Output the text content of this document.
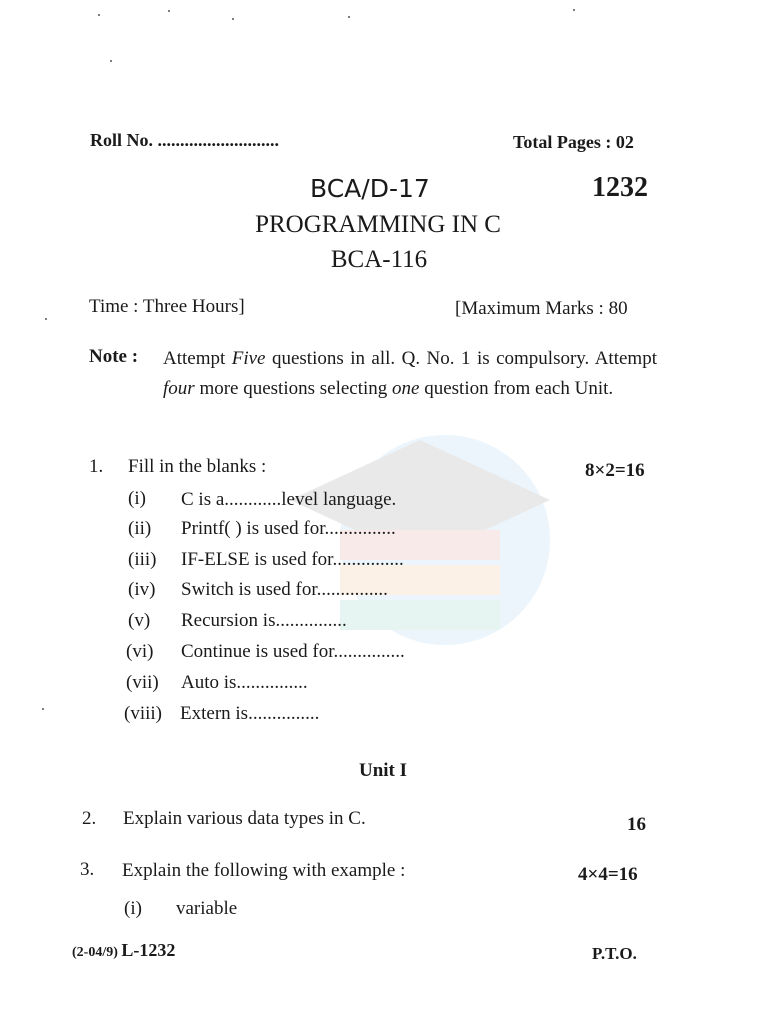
Roll No. ...........................	Total Pages : 02
BCA/D-17	1232
PROGRAMMING IN C
BCA-116
Time : Three Hours]	[Maximum Marks : 80
Note : Attempt Five questions in all. Q. No. 1 is compulsory. Attempt four more questions selecting one question from each Unit.
1. Fill in the blanks :	8×2=16
(i) C is a............level language.
(ii) Printf( ) is used for...............
(iii) IF-ELSE is used for...............
(iv) Switch is used for...............
(v) Recursion is...............
(vi) Continue is used for...............
(vii) Auto is...............
(viii) Extern is...............
Unit I
2. Explain various data types in C.	16
3. Explain the following with example :	4×4=16
(i) variable
(2-04/9) L-1232	P.T.O.
